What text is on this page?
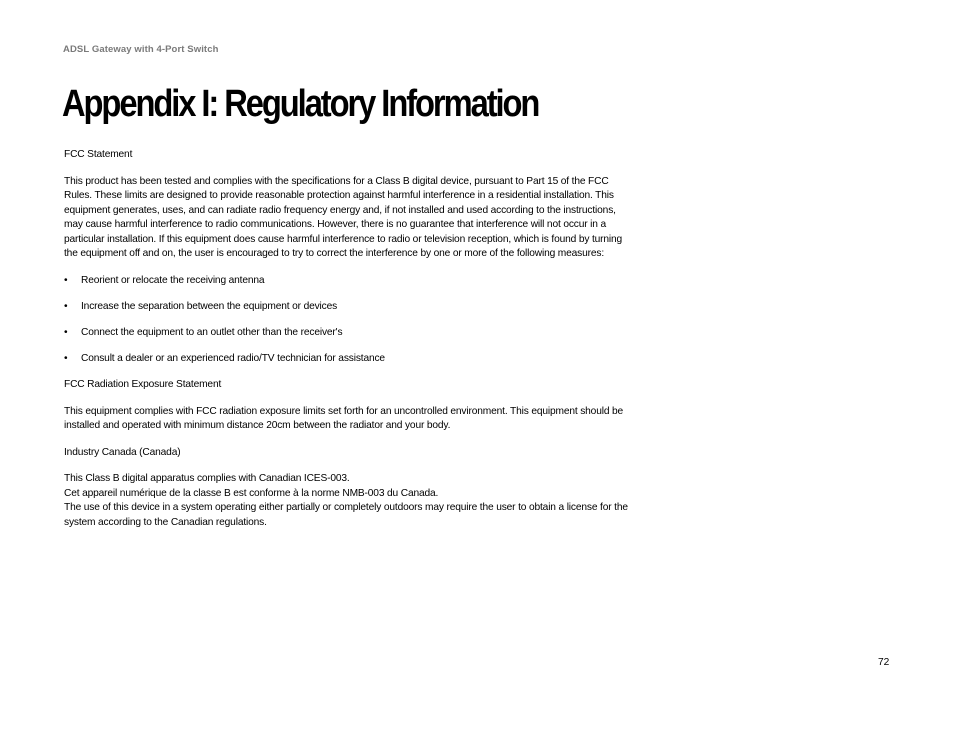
ADSL Gateway with 4-Port Switch
Appendix I: Regulatory Information

FCC Statement

This product has been tested and complies with the specifications for a Class B digital device, pursuant to Part 15 of the FCC Rules. These limits are designed to provide reasonable protection against harmful interference in a residential installation. This equipment generates, uses, and can radiate radio frequency energy and, if not installed and used according to the instructions, may cause harmful interference to radio communications. However, there is no guarantee that interference will not occur in a particular installation. If this equipment does cause harmful interference to radio or television reception, which is found by turning the equipment off and on, the user is encouraged to try to correct the interference by one or more of the following measures:

• Reorient or relocate the receiving antenna
• Increase the separation between the equipment or devices
• Connect the equipment to an outlet other than the receiver's
• Consult a dealer or an experienced radio/TV technician for assistance

FCC Radiation Exposure Statement

This equipment complies with FCC radiation exposure limits set forth for an uncontrolled environment. This equipment should be installed and operated with minimum distance 20cm between the radiator and your body.

Industry Canada (Canada)

This Class B digital apparatus complies with Canadian ICES-003.

Cet appareil numérique de la classe B est conforme à la norme NMB-003 du Canada.

The use of this device in a system operating either partially or completely outdoors may require the user to obtain a license for the system according to the Canadian regulations.

72
